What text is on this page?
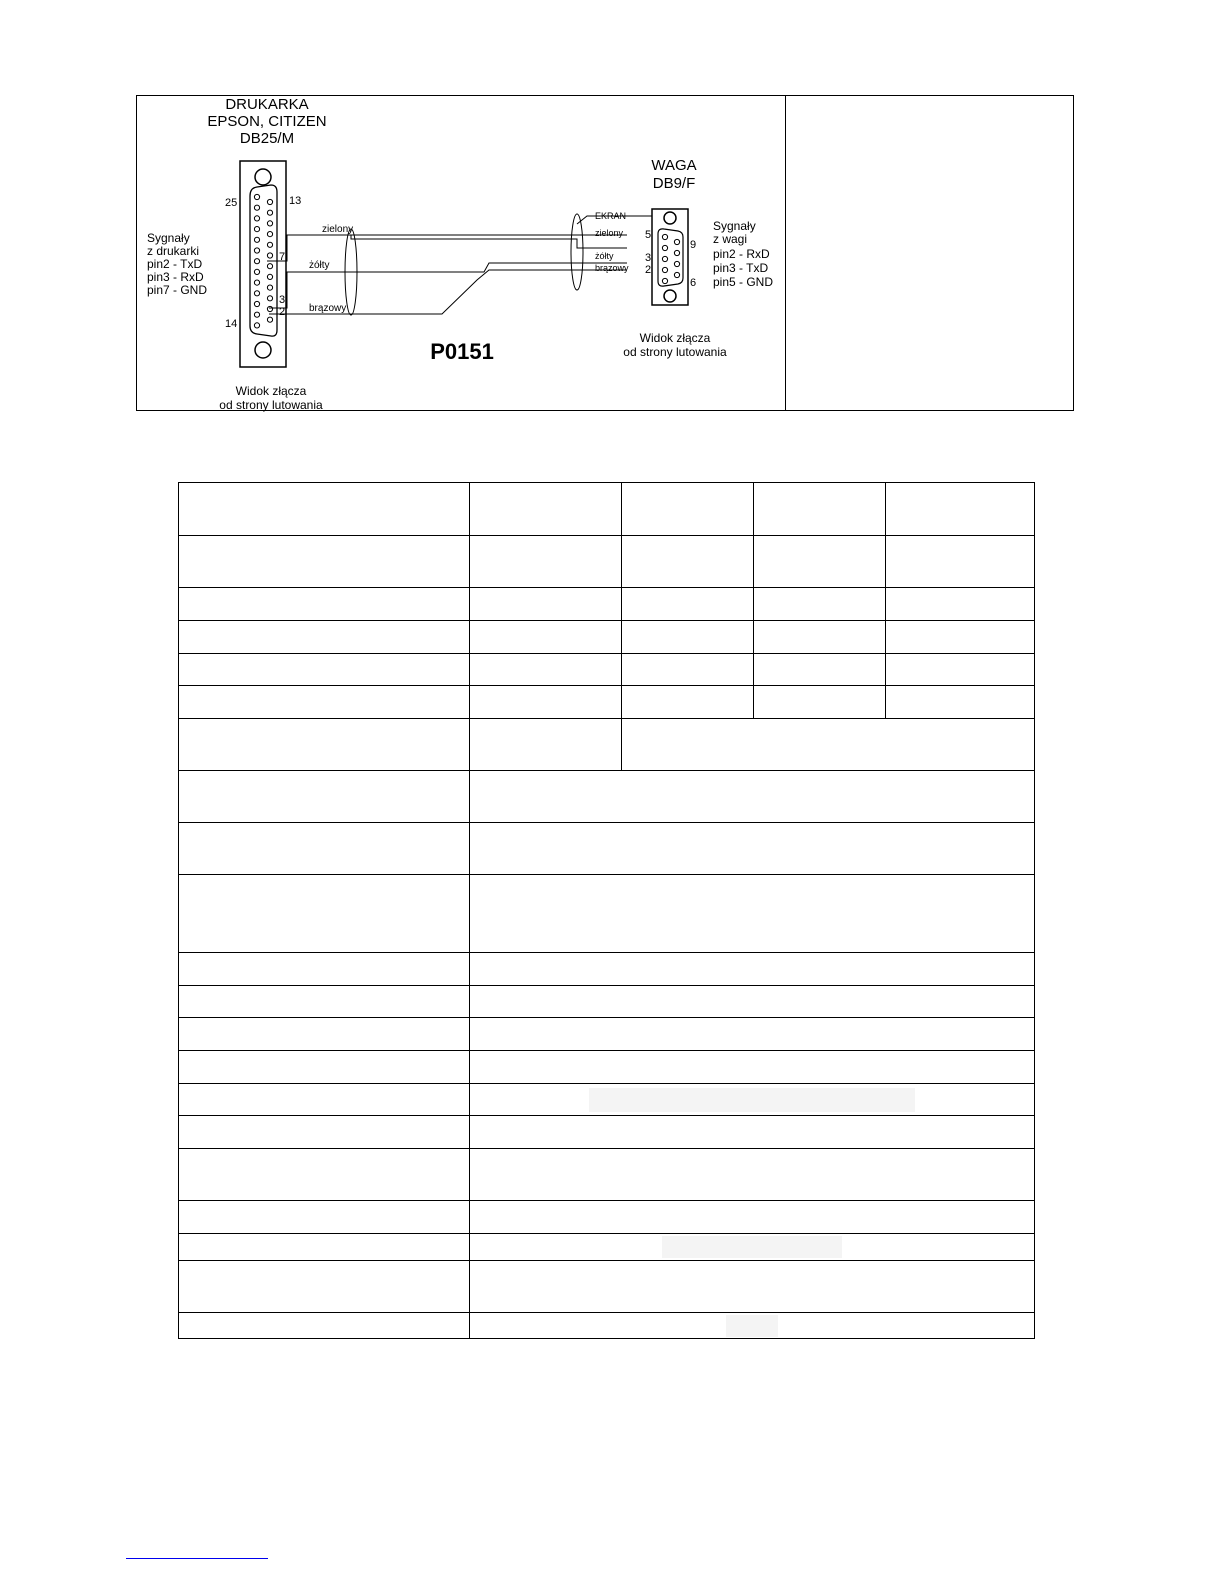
DRUKARKA
EPSON, CITIZEN
DB25/M
25	13
14
7
3
2
Sygnały
z drukarki
pin2 - TxD
pin3 - RxD
pin7 - GND
zielony
żółty
brązowy
EKRAN
zielony
żółty
brązowy
P0151
WAGA
DB9/F
5
3
2
9
6
Sygnały
z wagi
pin2 - RxD
pin3 - TxD
pin5 - GND
Widok złącza
od strony lutowania
Widok złącza
od strony lutowania
